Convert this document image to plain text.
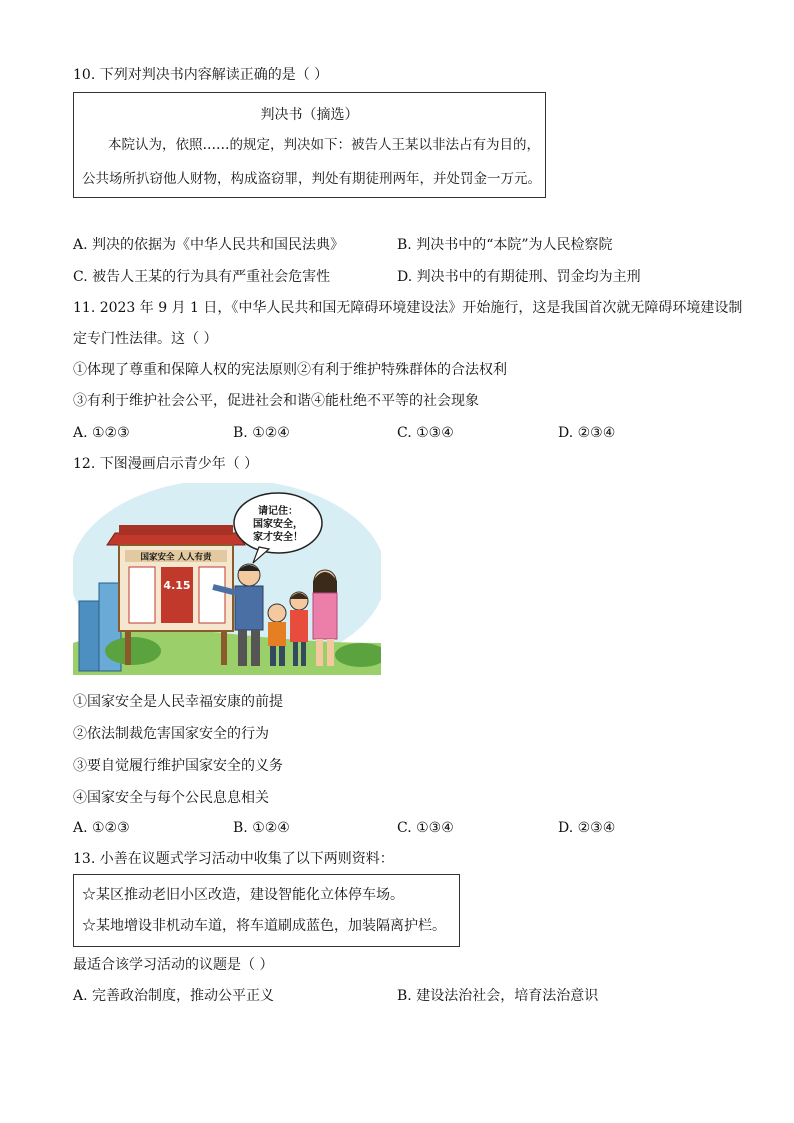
10. 下列对判决书内容解读正确的是（ ）
判决书（摘选）
本院认为，依照……的规定，判决如下：被告人王某以非法占有为目的，
公共场所扒窃他人财物，构成盗窃罪，判处有期徒刑两年，并处罚金一万元。
A. 判决的依据为《中华人民共和国民法典》	B. 判决书中的“本院”为人民检察院
C. 被告人王某的行为具有严重社会危害性	D. 判决书中的有期徒刑、罚金均为主刑
11. 2023 年 9 月 1 日，《中华人民共和国无障碍环境建设法》开始施行，这是我国首次就无障碍环境建设制
定专门性法律。这（ ）
①体现了尊重和保障人权的宪法原则②有利于维护特殊群体的合法权利
③有利于维护社会公平，促进社会和谐④能杜绝不平等的社会现象
A. ①②③	B. ①②④	C. ①③④	D. ②③④
12. 下图漫画启示青少年（ ）
国家安全 人人有责
4.15
请记住：
国家安全，
家才安全！
①国家安全是人民幸福安康的前提
②依法制裁危害国家安全的行为
③要自觉履行维护国家安全的义务
④国家安全与每个公民息息相关
A. ①②③	B. ①②④	C. ①③④	D. ②③④
13. 小善在议题式学习活动中收集了以下两则资料：
☆某区推动老旧小区改造，建设智能化立体停车场。
☆某地增设非机动车道，将车道刷成蓝色，加装隔离护栏。
最适合该学习活动的议题是（ ）
A. 完善政治制度，推动公平正义	B. 建设法治社会，培育法治意识
